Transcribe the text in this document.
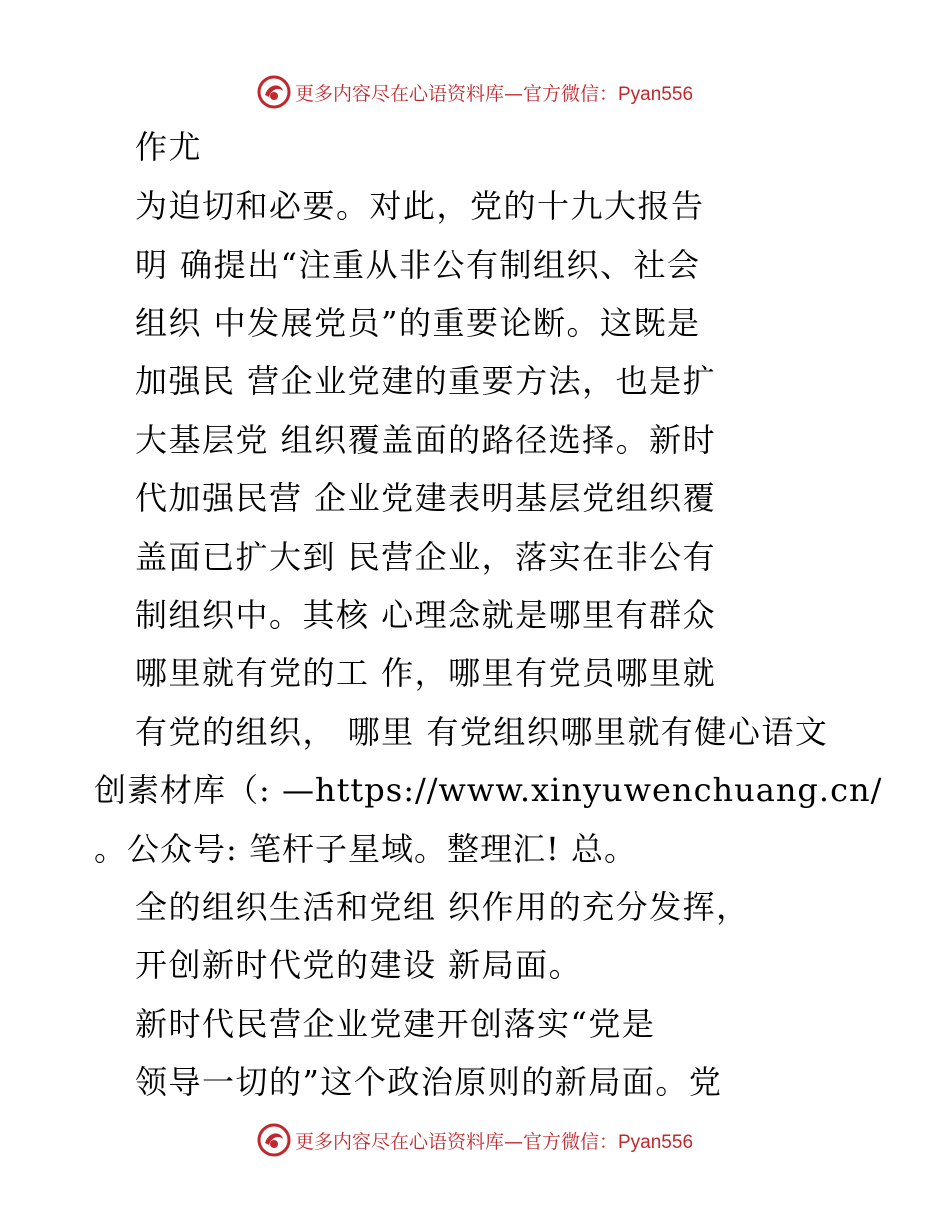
更多内容尽在心语资料库—官方微信：Pyan556
作尤
为迫切和必要。对此，党的十九大报告
明 确提出“注重从非公有制组织、社会
组织 中发展党员”的重要论断。这既是
加强民 营企业党建的重要方法，也是扩
大基层党 组织覆盖面的路径选择。新时
代加强民营 企业党建表明基层党组织覆
盖面已扩大到 民营企业，落实在非公有
制组织中。其核 心理念就是哪里有群众
哪里就有党的工 作，哪里有党员哪里就
有党的组织， 哪里 有党组织哪里就有健心语文
创素材库（: —https://www.xinyuwenchuang.cn/
。公众号: 笔杆子星域。整理汇! 总。
全的组织生活和党组 织作用的充分发挥，
开创新时代党的建设 新局面。
新时代民营企业党建开创落实“党是
领导一切的”这个政治原则的新局面。党
更多内容尽在心语资料库—官方微信：Pyan556
